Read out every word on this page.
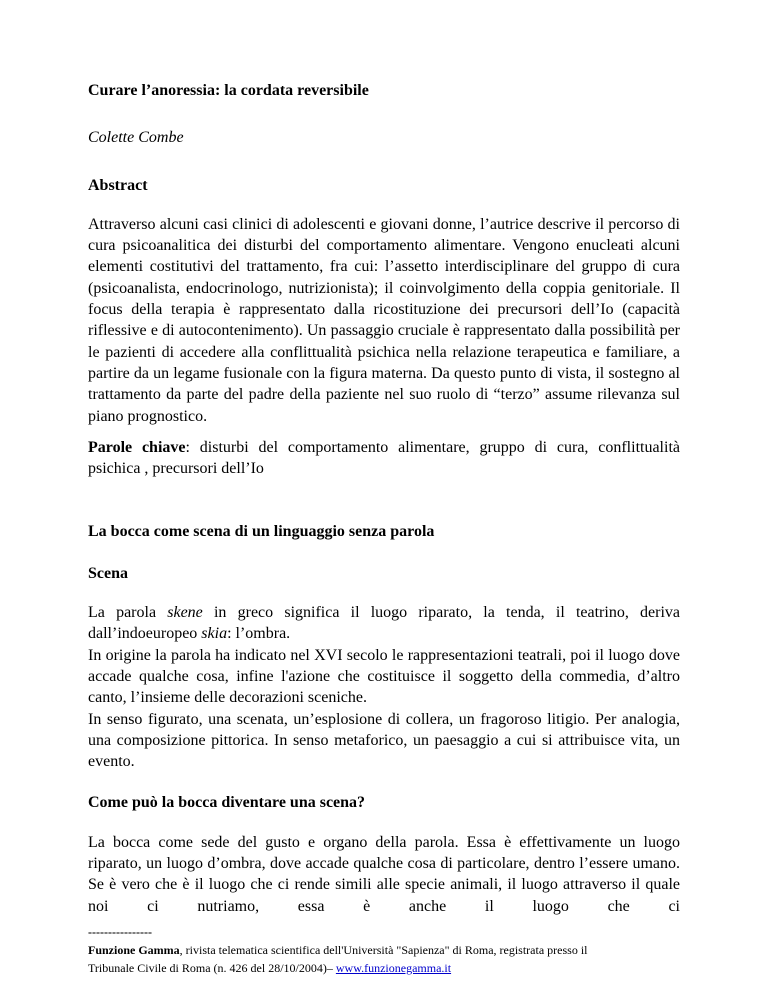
Curare l’anoressia: la cordata reversibile

Colette Combe

Abstract

Attraverso alcuni casi clinici di adolescenti e giovani donne, l’autrice descrive il percorso di cura psicoanalitica dei disturbi del comportamento alimentare. Vengono enucleati alcuni elementi costitutivi del trattamento, fra cui: l’assetto interdisciplinare del gruppo di cura (psicoanalista, endocrinologo, nutrizionista); il coinvolgimento della coppia genitoriale. Il focus della terapia è rappresentato dalla ricostituzione dei precursori dell’Io (capacità riflessive e di autocontenimento). Un passaggio cruciale è rappresentato dalla possibilità per le pazienti di accedere alla conflittualità psichica nella relazione terapeutica e familiare, a partire da un legame fusionale con la figura materna. Da questo punto di vista, il sostegno al trattamento da parte del padre della paziente nel suo ruolo di “terzo” assume rilevanza sul piano prognostico.

Parole chiave: disturbi del comportamento alimentare, gruppo di cura, conflittualità psichica , precursori dell’Io

La bocca come scena di un linguaggio senza parola
Scena

La parola skene in greco significa il luogo riparato, la tenda, il teatrino, deriva dall’indoeuropeo skia: l’ombra.

In origine la parola ha indicato nel XVI secolo le rappresentazioni teatrali, poi il luogo dove accade qualche cosa, infine l'azione che costituisce il soggetto della commedia, d’altro canto, l’insieme delle decorazioni sceniche.

In senso figurato, una scenata, un’esplosione di collera, un fragoroso litigio. Per analogia, una composizione pittorica. In senso metaforico, un paesaggio a cui si attribuisce vita, un evento.

Come può la bocca diventare una scena?

La bocca come sede del gusto e organo della parola. Essa è effettivamente un luogo riparato, un luogo d’ombra, dove accade qualche cosa di particolare, dentro l’essere umano. Se è vero che è il luogo che ci rende simili alle specie animali, il luogo attraverso il quale noi ci nutriamo, essa è anche il luogo che ci

----------------
Funzione Gamma, rivista telematica scientifica dell'Università "Sapienza" di Roma, registrata presso il
Tribunale Civile di Roma (n. 426 del 28/10/2004)– www.funzionegamma.it
